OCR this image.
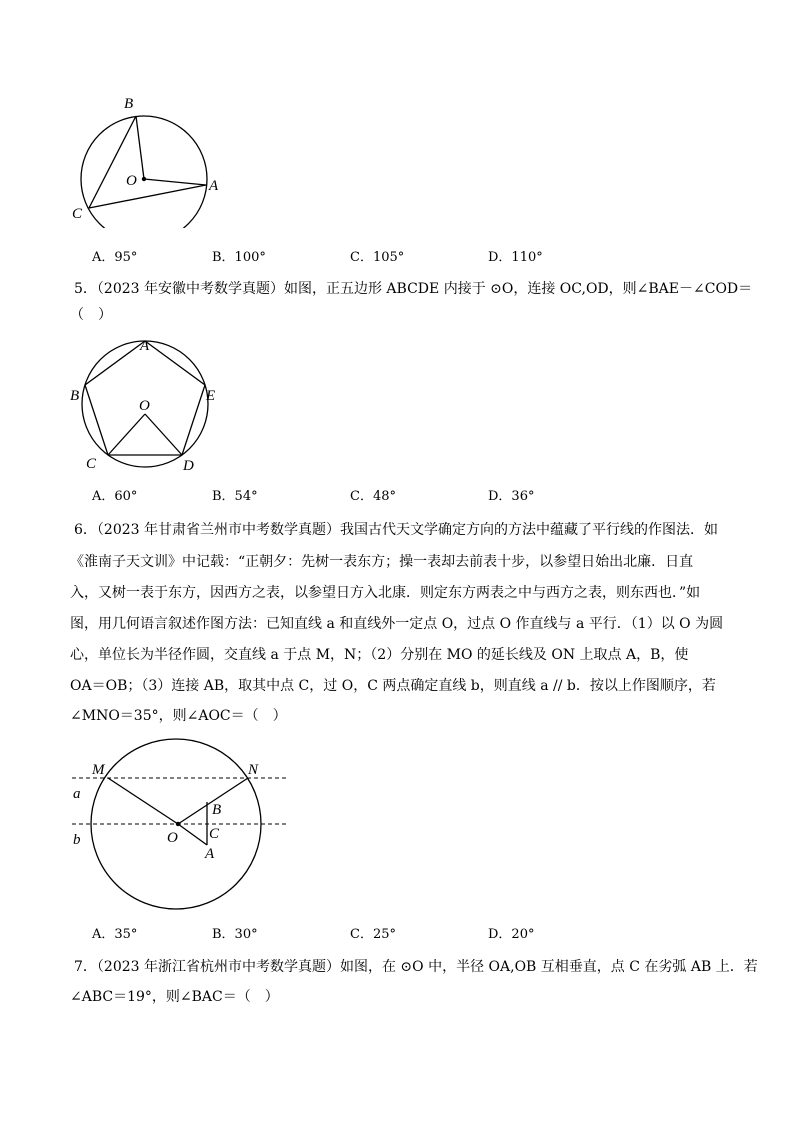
B
O	A
C
A．95°	B．100°	C．105°	D．110°
5．（2023 年安徽中考数学真题）如图，正五边形 ABCDE 内接于 ⊙O，连接 OC,OD，则∠BAE－∠COD＝
（　）
A
B	E
O
C	D
A．60°	B．54°	C．48°	D．36°
6．（2023 年甘肃省兰州市中考数学真题）我国古代天文学确定方向的方法中蕴藏了平行线的作图法．如
《淮南子天文训》中记载：“正朝夕：先树一表东方；操一表却去前表十步，以参望日始出北廉．日直
入，又树一表于东方，因西方之表，以参望日方入北康．则定东方两表之中与西方之表，则东西也．”如
图，用几何语言叙述作图方法：已知直线 a 和直线外一定点 O，过点 O 作直线与 a 平行．（1）以 O 为圆
心，单位长为半径作圆，交直线 a 于点 M，N；（2）分别在 MO 的延长线及 ON 上取点 A，B，使
OA＝OB；（3）连接 AB，取其中点 C，过 O，C 两点确定直线 b，则直线 a // b．按以上作图顺序，若
∠MNO＝35°，则∠AOC＝（　）
M	N
a
b
B
O C
A
A．35°	B．30°	C．25°	D．20°
7．（2023 年浙江省杭州市中考数学真题）如图，在 ⊙O 中，半径 OA,OB 互相垂直，点 C 在劣弧 AB 上．若
∠ABC＝19°，则∠BAC＝（　）
